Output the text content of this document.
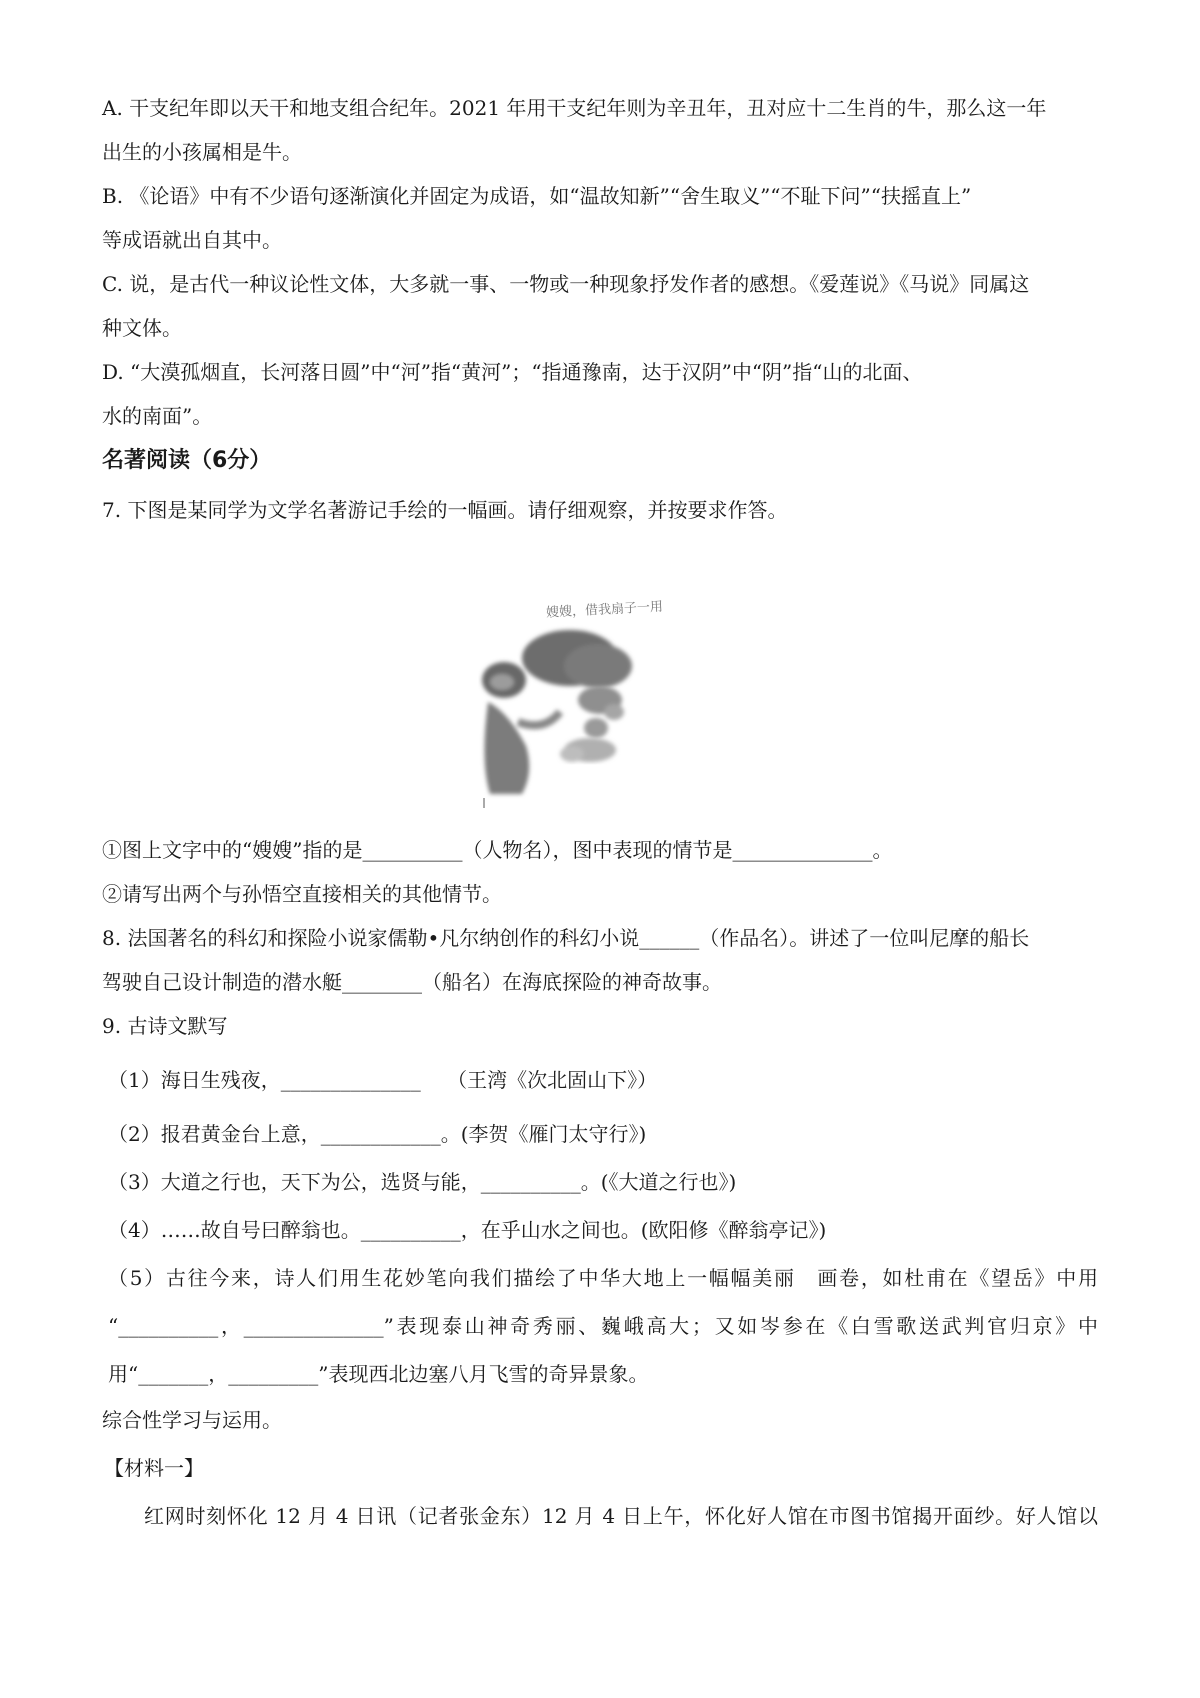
A. 干支纪年即以天干和地支组合纪年。2021 年用干支纪年则为辛丑年，丑对应十二生肖的牛，那么这一年
出生的小孩属相是牛。
B. 《论语》中有不少语句逐渐演化并固定为成语，如“温故知新”“舍生取义”“不耻下问”“扶摇直上”
等成语就出自其中。
C. 说，是古代一种议论性文体，大多就一事、一物或一种现象抒发作者的感想。《爱莲说》《马说》同属这
种文体。
D. “大漠孤烟直，长河落日圆”中“河”指“黄河”；“指通豫南，达于汉阴”中“阴”指“山的北面、
水的南面”。
名著阅读（6分）
7. 下图是某同学为文学名著游记手绘的一幅画。请仔细观察，并按要求作答。
嫂嫂，借我扇子一用
①图上文字中的“嫂嫂”指的是__________（人物名），图中表现的情节是______________。
②请写出两个与孙悟空直接相关的其他情节。
8. 法国著名的科幻和探险小说家儒勒•凡尔纳创作的科幻小说______（作品名）。讲述了一位叫尼摩的船长
驾驶自己设计制造的潜水艇________（船名）在海底探险的神奇故事。
9. 古诗文默写
（1）海日生残夜，______________　 （王湾《次北固山下》）
（2）报君黄金台上意，____________。(李贺《雁门太守行》)
（3）大道之行也，天下为公，选贤与能，__________。(《大道之行也》)
（4）……故自号曰醉翁也。__________，在乎山水之间也。(欧阳修《醉翁亭记》)
（5）古往今来，诗人们用生花妙笔向我们描绘了中华大地上一幅幅美丽　画卷，如杜甫在《望岳》中用
“__________，______________”表现泰山神奇秀丽、巍峨高大；又如岑参在《白雪歌送武判官归京》中
用“_______，_________”表现西北边塞八月飞雪的奇异景象。
综合性学习与运用。
【材料一】
红网时刻怀化 12 月 4 日讯（记者张金东）12 月 4 日上午，怀化好人馆在市图书馆揭开面纱。好人馆以
